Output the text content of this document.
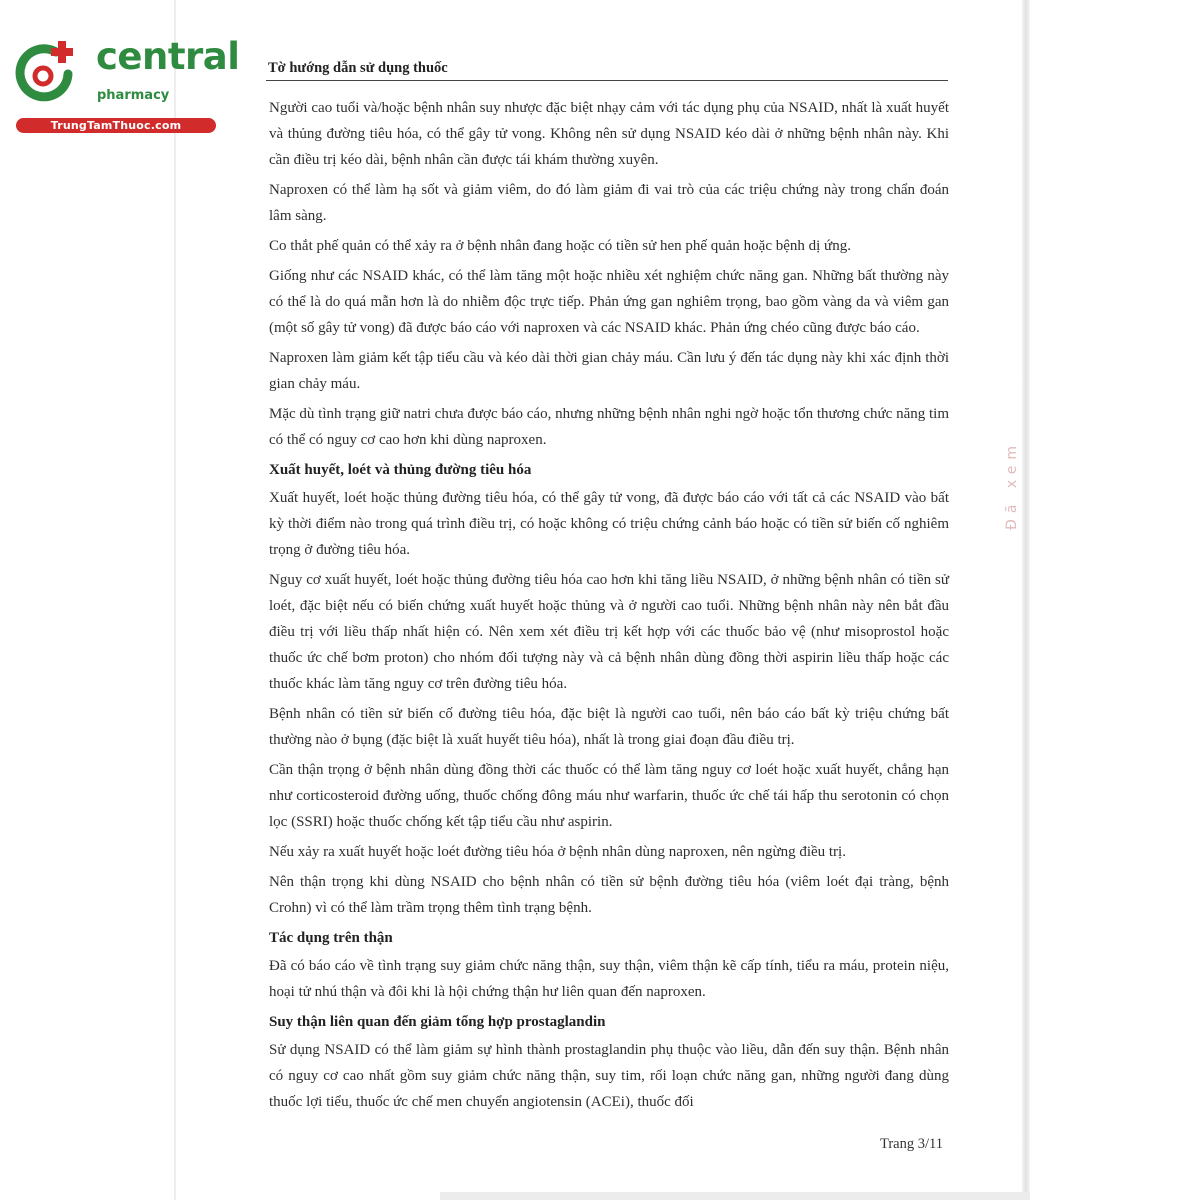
central
pharmacy
TrungTamThuoc.com
Tờ hướng dẫn sử dụng thuốc

Người cao tuổi và/hoặc bệnh nhân suy nhược đặc biệt nhạy cảm với tác dụng phụ của NSAID, nhất là xuất huyết và thủng đường tiêu hóa, có thể gây tử vong. Không nên sử dụng NSAID kéo dài ở những bệnh nhân này. Khi cần điều trị kéo dài, bệnh nhân cần được tái khám thường xuyên.

Naproxen có thể làm hạ sốt và giảm viêm, do đó làm giảm đi vai trò của các triệu chứng này trong chẩn đoán lâm sàng.

Co thắt phế quản có thể xảy ra ở bệnh nhân đang hoặc có tiền sử hen phế quản hoặc bệnh dị ứng.

Giống như các NSAID khác, có thể làm tăng một hoặc nhiều xét nghiệm chức năng gan. Những bất thường này có thể là do quá mẫn hơn là do nhiễm độc trực tiếp. Phản ứng gan nghiêm trọng, bao gồm vàng da và viêm gan (một số gây tử vong) đã được báo cáo với naproxen và các NSAID khác. Phản ứng chéo cũng được báo cáo.

Naproxen làm giảm kết tập tiểu cầu và kéo dài thời gian chảy máu. Cần lưu ý đến tác dụng này khi xác định thời gian chảy máu.

Mặc dù tình trạng giữ natri chưa được báo cáo, nhưng những bệnh nhân nghi ngờ hoặc tổn thương chức năng tim có thể có nguy cơ cao hơn khi dùng naproxen.

Xuất huyết, loét và thủng đường tiêu hóa

Xuất huyết, loét hoặc thủng đường tiêu hóa, có thể gây tử vong, đã được báo cáo với tất cả các NSAID vào bất kỳ thời điểm nào trong quá trình điều trị, có hoặc không có triệu chứng cảnh báo hoặc có tiền sử biến cố nghiêm trọng ở đường tiêu hóa.

Nguy cơ xuất huyết, loét hoặc thủng đường tiêu hóa cao hơn khi tăng liều NSAID, ở những bệnh nhân có tiền sử loét, đặc biệt nếu có biến chứng xuất huyết hoặc thủng và ở người cao tuổi. Những bệnh nhân này nên bắt đầu điều trị với liều thấp nhất hiện có. Nên xem xét điều trị kết hợp với các thuốc bảo vệ (như misoprostol hoặc thuốc ức chế bơm proton) cho nhóm đối tượng này và cả bệnh nhân dùng đồng thời aspirin liều thấp hoặc các thuốc khác làm tăng nguy cơ trên đường tiêu hóa.

Bệnh nhân có tiền sử biến cố đường tiêu hóa, đặc biệt là người cao tuổi, nên báo cáo bất kỳ triệu chứng bất thường nào ở bụng (đặc biệt là xuất huyết tiêu hóa), nhất là trong giai đoạn đầu điều trị.

Cần thận trọng ở bệnh nhân dùng đồng thời các thuốc có thể làm tăng nguy cơ loét hoặc xuất huyết, chẳng hạn như corticosteroid đường uống, thuốc chống đông máu như warfarin, thuốc ức chế tái hấp thu serotonin có chọn lọc (SSRI) hoặc thuốc chống kết tập tiểu cầu như aspirin.

Nếu xảy ra xuất huyết hoặc loét đường tiêu hóa ở bệnh nhân dùng naproxen, nên ngừng điều trị.

Nên thận trọng khi dùng NSAID cho bệnh nhân có tiền sử bệnh đường tiêu hóa (viêm loét đại tràng, bệnh Crohn) vì có thể làm trầm trọng thêm tình trạng bệnh.

Tác dụng trên thận

Đã có báo cáo về tình trạng suy giảm chức năng thận, suy thận, viêm thận kẽ cấp tính, tiểu ra máu, protein niệu, hoại tử nhú thận và đôi khi là hội chứng thận hư liên quan đến naproxen.

Suy thận liên quan đến giảm tổng hợp prostaglandin

Sử dụng NSAID có thể làm giảm sự hình thành prostaglandin phụ thuộc vào liều, dẫn đến suy thận. Bệnh nhân có nguy cơ cao nhất gồm suy giảm chức năng thận, suy tim, rối loạn chức năng gan, những người đang dùng thuốc lợi tiểu, thuốc ức chế men chuyển angiotensin (ACEi), thuốc đối

Đã xem
Trang 3/11
